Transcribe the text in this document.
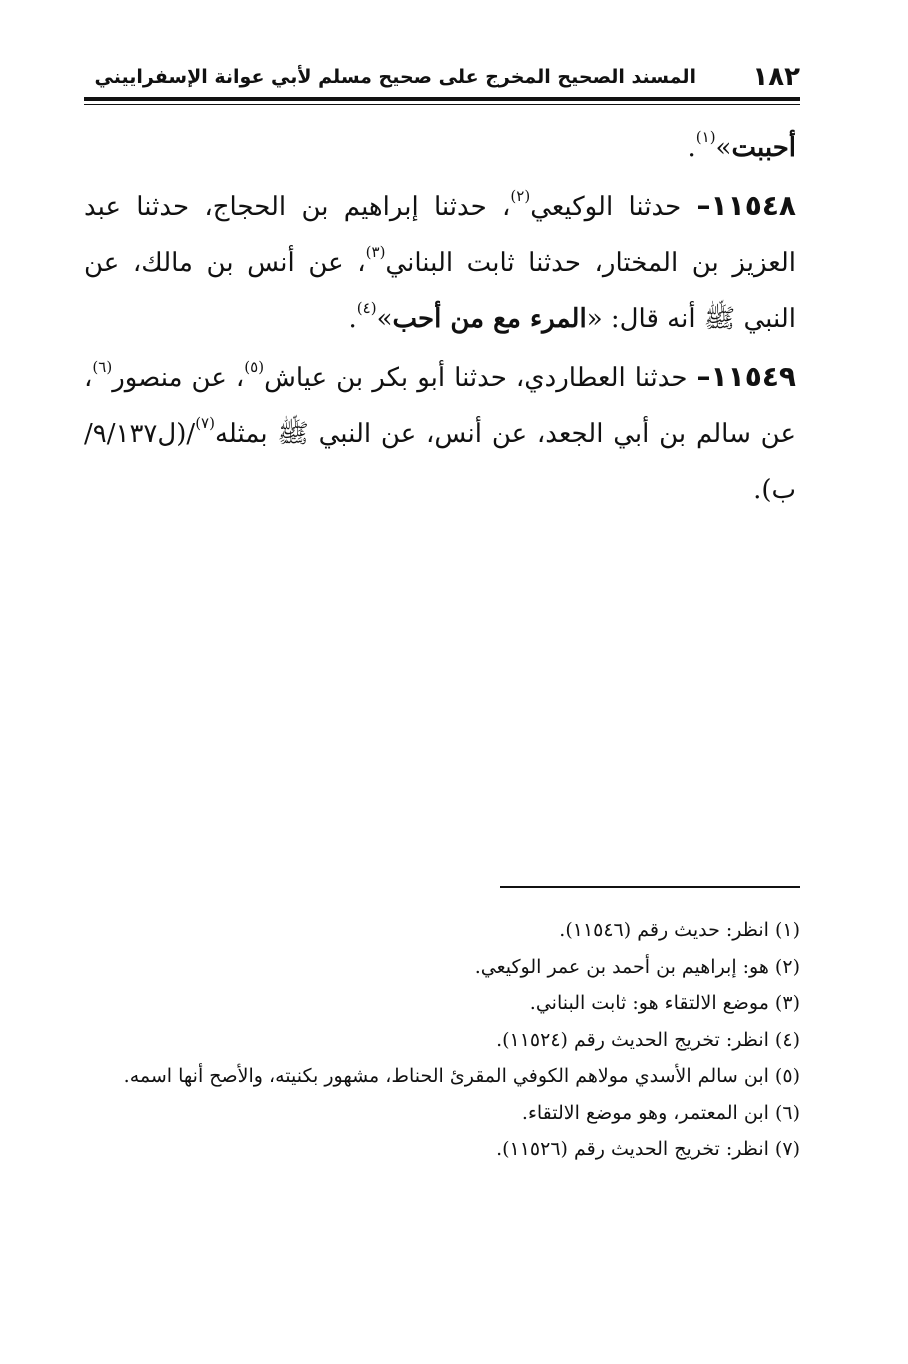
١٨٢
المسند الصحيح المخرج على صحيح مسلم لأبي عوانة الإسفراييني

أحببت»$^{(١)}$.

١١٥٤٨– حدثنا الوكيعي$^{(٢)}$، حدثنا إبراهيم بن الحجاج، حدثنا عبد العزيز بن المختار، حدثنا ثابت البناني$^{(٣)}$، عن أنس بن مالك، عن النبي ﷺ أنه قال: «المرء مع من أحب»$^{(٤)}$.

١١٥٤٩– حدثنا العطاردي، حدثنا أبو بكر بن عياش$^{(٥)}$، عن منصور$^{(٦)}$، عن سالم بن أبي الجعد، عن أنس، عن النبي ﷺ بمثله$^{(٧)}$/(ل٩/١٣٧/ب).

(١) انظر: حديث رقم (١١٥٤٦).

(٢) هو: إبراهيم بن أحمد بن عمر الوكيعي.

(٣) موضع الالتقاء هو: ثابت البناني.

(٤) انظر: تخريج الحديث رقم (١١٥٢٤).

(٥) ابن سالم الأسدي مولاهم الكوفي المقرئ الحناط، مشهور بكنيته، والأصح أنها اسمه.

(٦) ابن المعتمر، وهو موضع الالتقاء.

(٧) انظر: تخريج الحديث رقم (١١٥٢٦).
